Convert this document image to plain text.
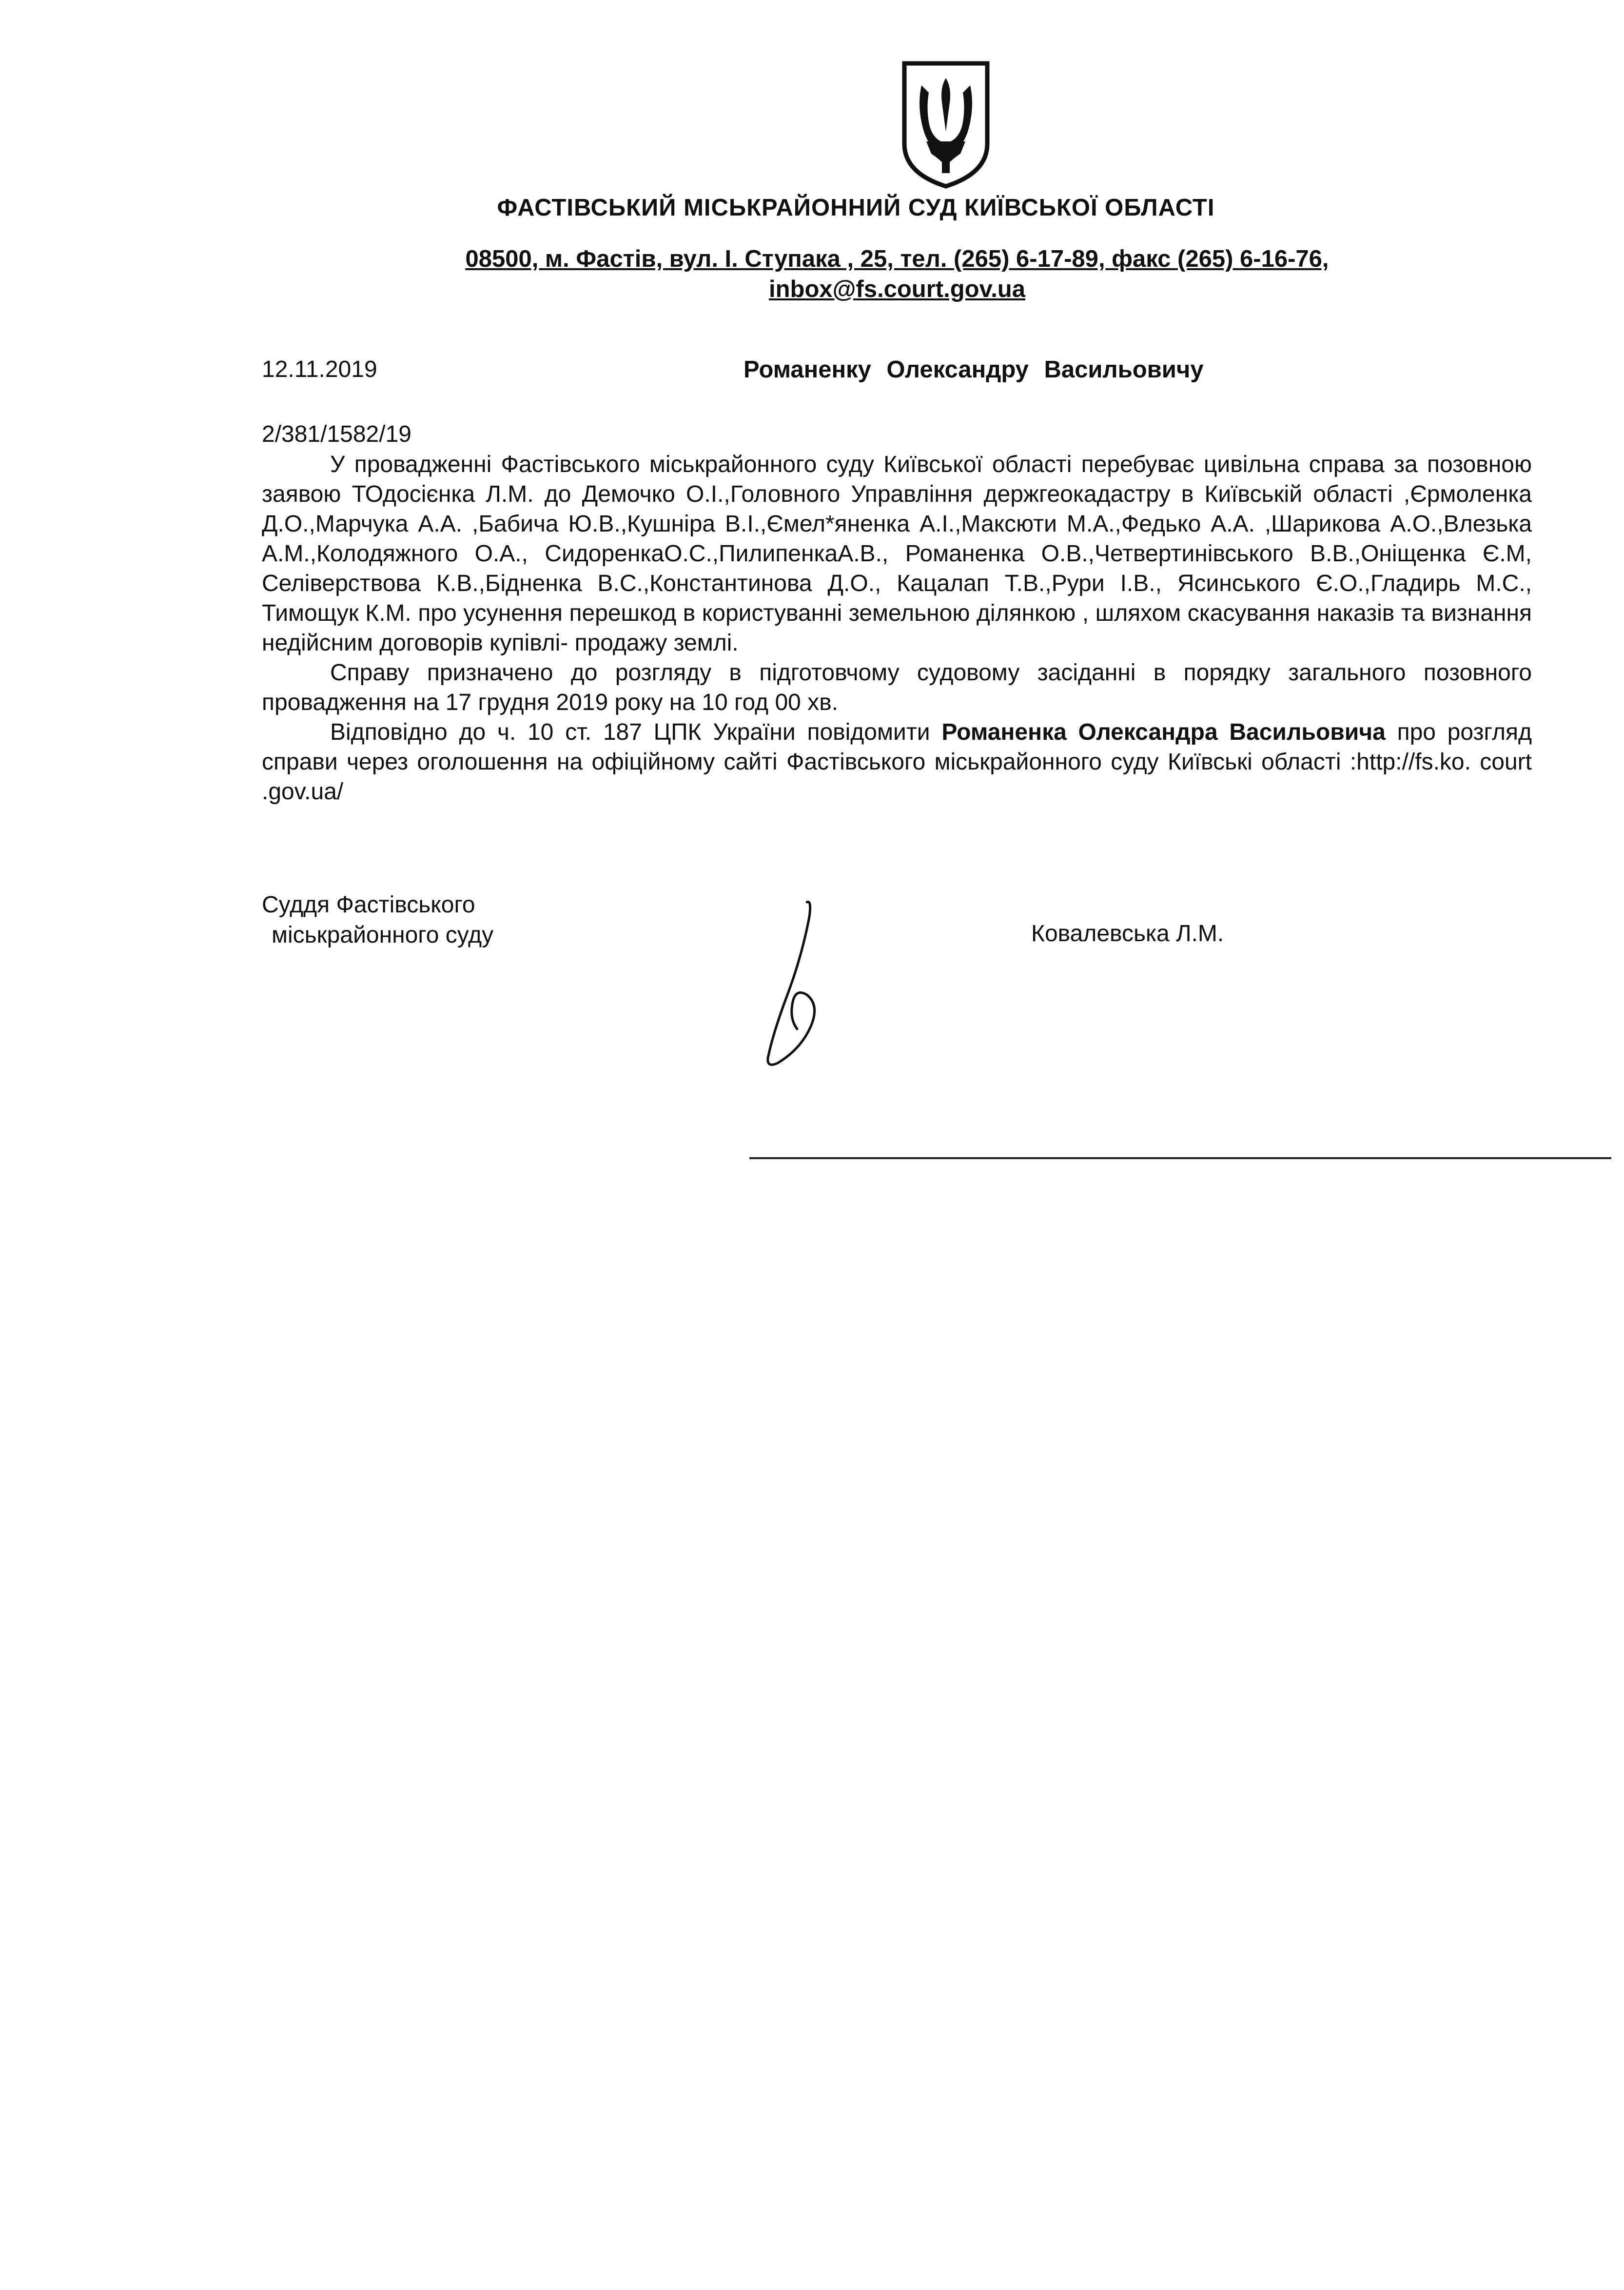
ФАСТІВСЬКИЙ МІСЬКРАЙОННИЙ СУД КИЇВСЬКОЇ ОБЛАСТІ
08500, м. Фастів, вул. І. Ступака , 25, тел. (265) 6-17-89, факс (265) 6-16-76,
inbox@fs.court.gov.ua
12.11.2019	Романенку Олександру Васильовичу
2/381/1582/19

У провадженні Фастівського міськрайонного суду Київської області перебуває цивільна справа за позовною заявою ТОдосієнка Л.М. до Демочко О.І.,Головного Управління держгеокадастру в Київській області ,Єрмоленка Д.О.,Марчука А.А. ,Бабича Ю.В.,Кушніра В.І.,Ємел*яненка А.І.,Максюти М.А.,Федько А.А. ,Шарикова А.О.,Влезька А.М.,Колодяжного О.А., СидоренкаО.С.,ПилипенкаА.В., Романенка О.В.,Четвертинівського В.В.,Оніщенка Є.М, Селіверствова К.В.,Бідненка В.С.,Константинова Д.О., Кацалап Т.В.,Рури І.В., Ясинського Є.О.,Гладирь М.С., Тимощук К.М. про усунення перешкод в користуванні земельною ділянкою , шляхом скасування наказів та визнання недійсним договорів купівлі- продажу землі.

Справу призначено до розгляду в підготовчому судовому засіданні в порядку загального позовного провадження на 17 грудня 2019 року на 10 год 00 хв.

Відповідно до ч. 10 ст. 187 ЦПК України повідомити Романенка Олександра Васильовича про розгляд справи через оголошення на офіційному сайті Фастівського міськрайонного суду Київські області :http://fs.ko. court .gov.ua/

Суддя Фастівського
міськрайонного суду	Ковалевська Л.М.
